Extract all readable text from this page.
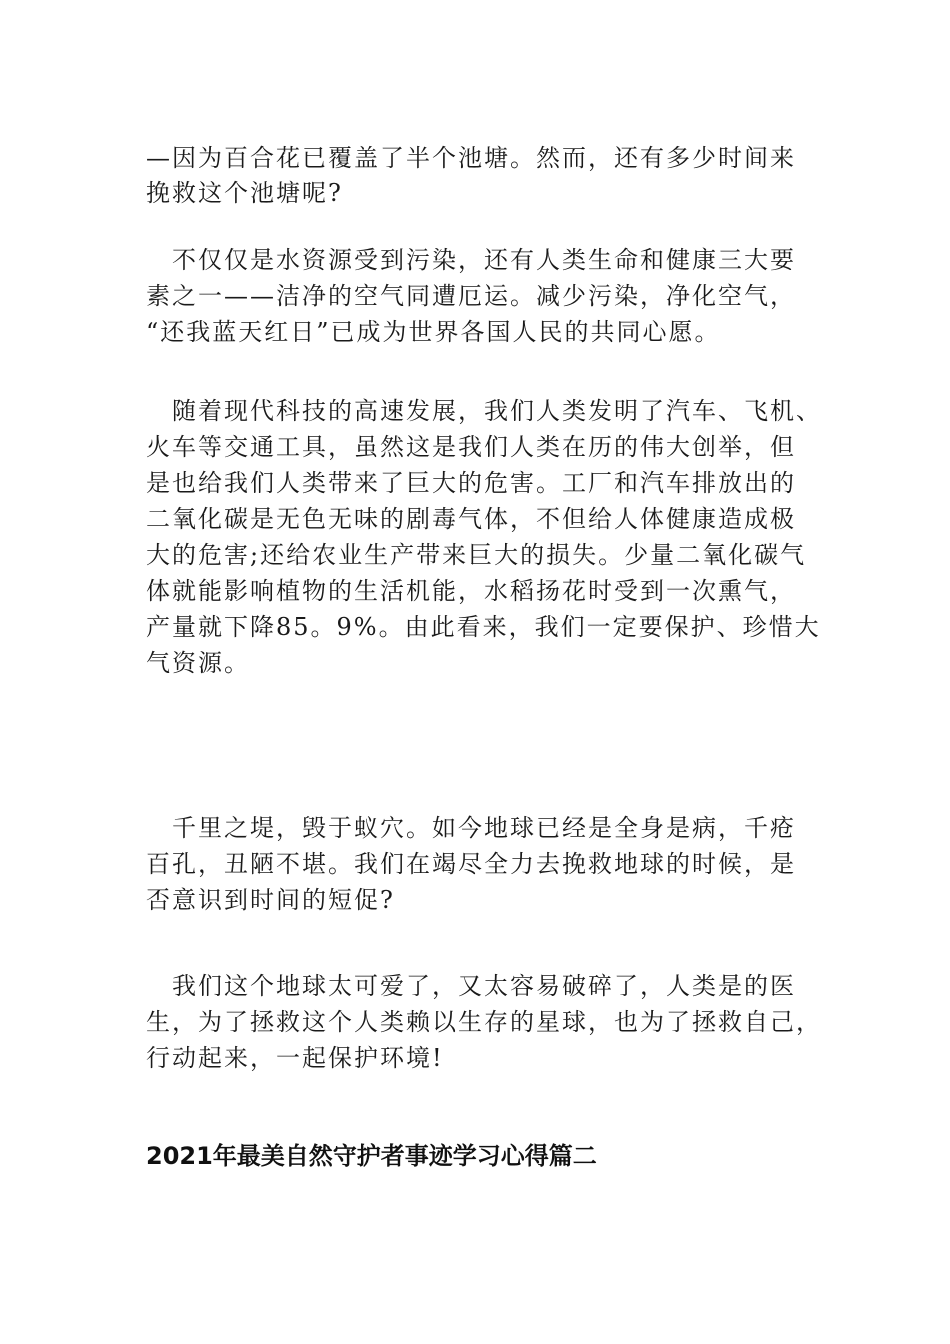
—因为百合花已覆盖了半个池塘。然而，还有多少时间来
挽救这个池塘呢?
　不仅仅是水资源受到污染，还有人类生命和健康三大要
素之一——洁净的空气同遭厄运。减少污染，净化空气，
“还我蓝天红日”已成为世界各国人民的共同心愿。
　随着现代科技的高速发展，我们人类发明了汽车、飞机、
火车等交通工具，虽然这是我们人类在历的伟大创举，但
是也给我们人类带来了巨大的危害。工厂和汽车排放出的
二氧化碳是无色无味的剧毒气体，不但给人体健康造成极
大的危害;还给农业生产带来巨大的损失。少量二氧化碳气
体就能影响植物的生活机能，水稻扬花时受到一次熏气，
产量就下降85。9%。由此看来，我们一定要保护、珍惜大
气资源。
　千里之堤，毁于蚁穴。如今地球已经是全身是病，千疮
百孔，丑陋不堪。我们在竭尽全力去挽救地球的时候，是
否意识到时间的短促?
　我们这个地球太可爱了，又太容易破碎了，人类是的医
生，为了拯救这个人类赖以生存的星球，也为了拯救自己，
行动起来，一起保护环境!
2021年最美自然守护者事迹学习心得篇二
